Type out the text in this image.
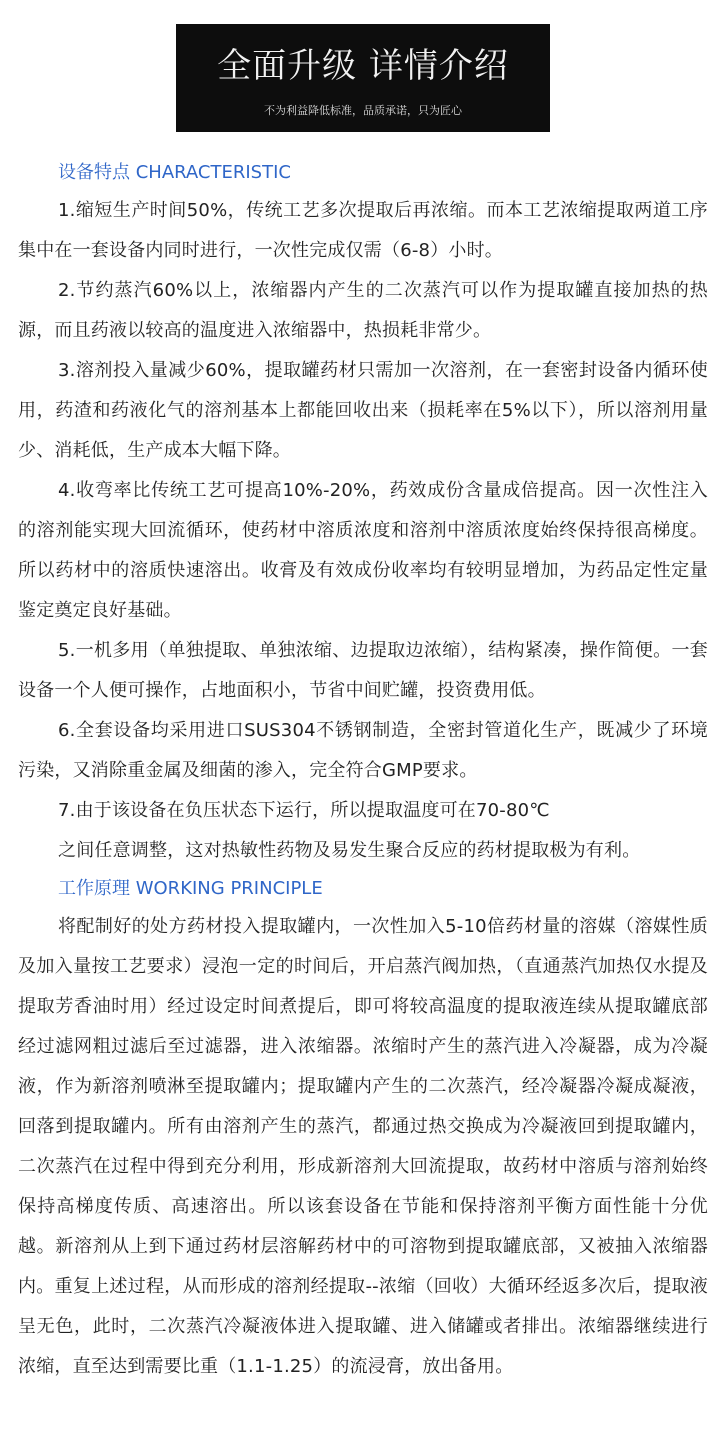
全面升级 详情介绍
不为利益降低标准，品质承诺，只为匠心

设备特点 CHARACTERISTIC

1.缩短生产时间50%，传统工艺多次提取后再浓缩。而本工艺浓缩提取两道工序集中在一套设备内同时进行，一次性完成仅需（6-8）小时。

2.节约蒸汽60%以上，浓缩器内产生的二次蒸汽可以作为提取罐直接加热的热源，而且药液以较高的温度进入浓缩器中，热损耗非常少。

3.溶剂投入量减少60%，提取罐药材只需加一次溶剂，在一套密封设备内循环使用，药渣和药液化气的溶剂基本上都能回收出来（损耗率在5%以下），所以溶剂用量少、消耗低，生产成本大幅下降。

4.收弯率比传统工艺可提高10%-20%，药效成份含量成倍提高。因一次性注入的溶剂能实现大回流循环，使药材中溶质浓度和溶剂中溶质浓度始终保持很高梯度。所以药材中的溶质快速溶出。收膏及有效成份收率均有较明显增加，为药品定性定量鉴定奠定良好基础。

5.一机多用（单独提取、单独浓缩、边提取边浓缩），结构紧凑，操作简便。一套设备一个人便可操作，占地面积小，节省中间贮罐，投资费用低。

6.全套设备均采用进口SUS304不锈钢制造，全密封管道化生产，既减少了环境污染，又消除重金属及细菌的渗入，完全符合GMP要求。

7.由于该设备在负压状态下运行，所以提取温度可在70-80℃

之间任意调整，这对热敏性药物及易发生聚合反应的药材提取极为有利。

工作原理 WORKING PRINCIPLE

将配制好的处方药材投入提取罐内，一次性加入5-10倍药材量的溶媒（溶媒性质及加入量按工艺要求）浸泡一定的时间后，开启蒸汽阀加热，（直通蒸汽加热仅水提及提取芳香油时用）经过设定时间煮提后，即可将较高温度的提取液连续从提取罐底部经过滤网粗过滤后至过滤器，进入浓缩器。浓缩时产生的蒸汽进入冷凝器，成为冷凝液，作为新溶剂喷淋至提取罐内；提取罐内产生的二次蒸汽，经冷凝器冷凝成凝液，回落到提取罐内。所有由溶剂产生的蒸汽，都通过热交换成为冷凝液回到提取罐内，二次蒸汽在过程中得到充分利用，形成新溶剂大回流提取，故药材中溶质与溶剂始终保持高梯度传质、高速溶出。所以该套设备在节能和保持溶剂平衡方面性能十分优越。新溶剂从上到下通过药材层溶解药材中的可溶物到提取罐底部，又被抽入浓缩器内。重复上述过程，从而形成的溶剂经提取--浓缩（回收）大循环经返多次后，提取液呈无色，此时，二次蒸汽冷凝液体进入提取罐、进入储罐或者排出。浓缩器继续进行浓缩，直至达到需要比重（1.1-1.25）的流浸膏，放出备用。
